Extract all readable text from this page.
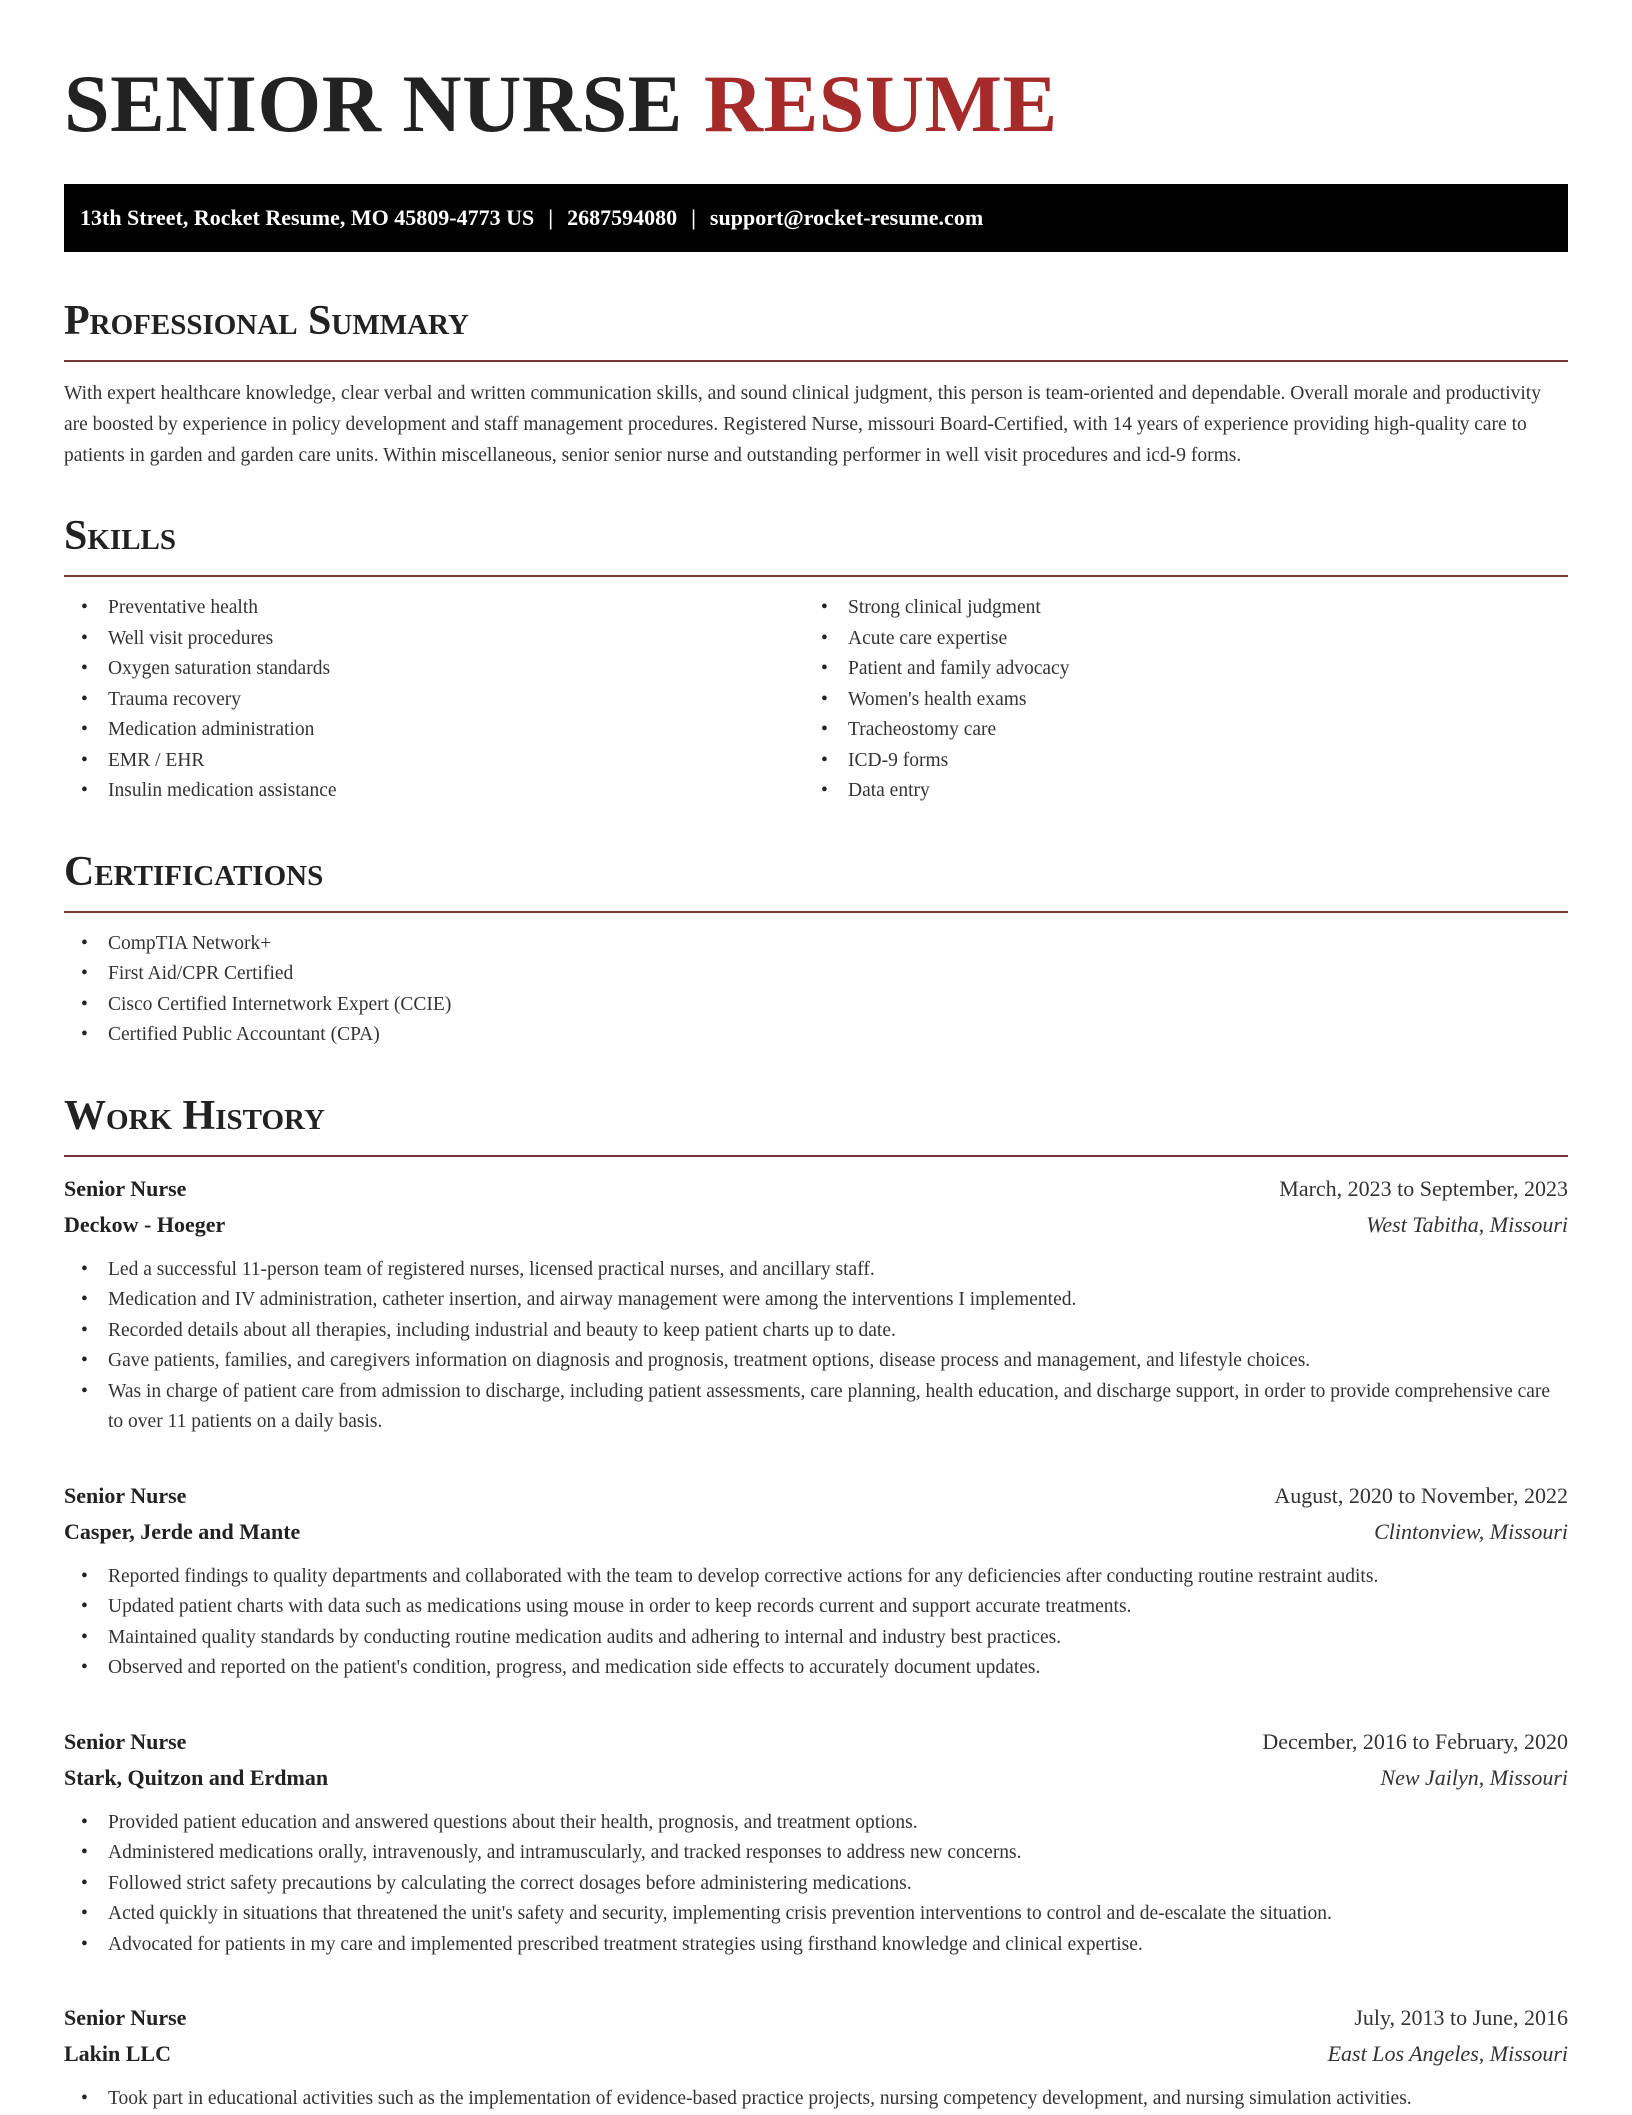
SENIOR NURSE RESUME
13th Street, Rocket Resume, MO 45809-4773 US | 2687594080 | support@rocket-resume.com
Professional Summary

With expert healthcare knowledge, clear verbal and written communication skills, and sound clinical judgment, this person is team-oriented and dependable. Overall morale and productivity are boosted by experience in policy development and staff management procedures. Registered Nurse, missouri Board-Certified, with 14 years of experience providing high-quality care to patients in garden and garden care units. Within miscellaneous, senior senior nurse and outstanding performer in well visit procedures and icd-9 forms.

Skills
• Preventative health
• Well visit procedures
• Oxygen saturation standards
• Trauma recovery
• Medication administration
• EMR / EHR
• Insulin medication assistance
• Strong clinical judgment
• Acute care expertise
• Patient and family advocacy
• Women's health exams
• Tracheostomy care
• ICD-9 forms
• Data entry
Certifications
• CompTIA Network+
• First Aid/CPR Certified
• Cisco Certified Internetwork Expert (CCIE)
• Certified Public Accountant (CPA)
Work History
Senior Nurse	March, 2023 to September, 2023
Deckow - Hoeger	West Tabitha, Missouri
• Led a successful 11-person team of registered nurses, licensed practical nurses, and ancillary staff.
• Medication and IV administration, catheter insertion, and airway management were among the interventions I implemented.
• Recorded details about all therapies, including industrial and beauty to keep patient charts up to date.
• Gave patients, families, and caregivers information on diagnosis and prognosis, treatment options, disease process and management, and lifestyle choices.
• Was in charge of patient care from admission to discharge, including patient assessments, care planning, health education, and discharge support, in order to provide comprehensive care to over 11 patients on a daily basis.
Senior Nurse	August, 2020 to November, 2022
Casper, Jerde and Mante	Clintonview, Missouri
• Reported findings to quality departments and collaborated with the team to develop corrective actions for any deficiencies after conducting routine restraint audits.
• Updated patient charts with data such as medications using mouse in order to keep records current and support accurate treatments.
• Maintained quality standards by conducting routine medication audits and adhering to internal and industry best practices.
• Observed and reported on the patient's condition, progress, and medication side effects to accurately document updates.
Senior Nurse	December, 2016 to February, 2020
Stark, Quitzon and Erdman	New Jailyn, Missouri
• Provided patient education and answered questions about their health, prognosis, and treatment options.
• Administered medications orally, intravenously, and intramuscularly, and tracked responses to address new concerns.
• Followed strict safety precautions by calculating the correct dosages before administering medications.
• Acted quickly in situations that threatened the unit's safety and security, implementing crisis prevention interventions to control and de-escalate the situation.
• Advocated for patients in my care and implemented prescribed treatment strategies using firsthand knowledge and clinical expertise.
Senior Nurse	July, 2013 to June, 2016
Lakin LLC	East Los Angeles, Missouri
• Took part in educational activities such as the implementation of evidence-based practice projects, nursing competency development, and nursing simulation activities.
